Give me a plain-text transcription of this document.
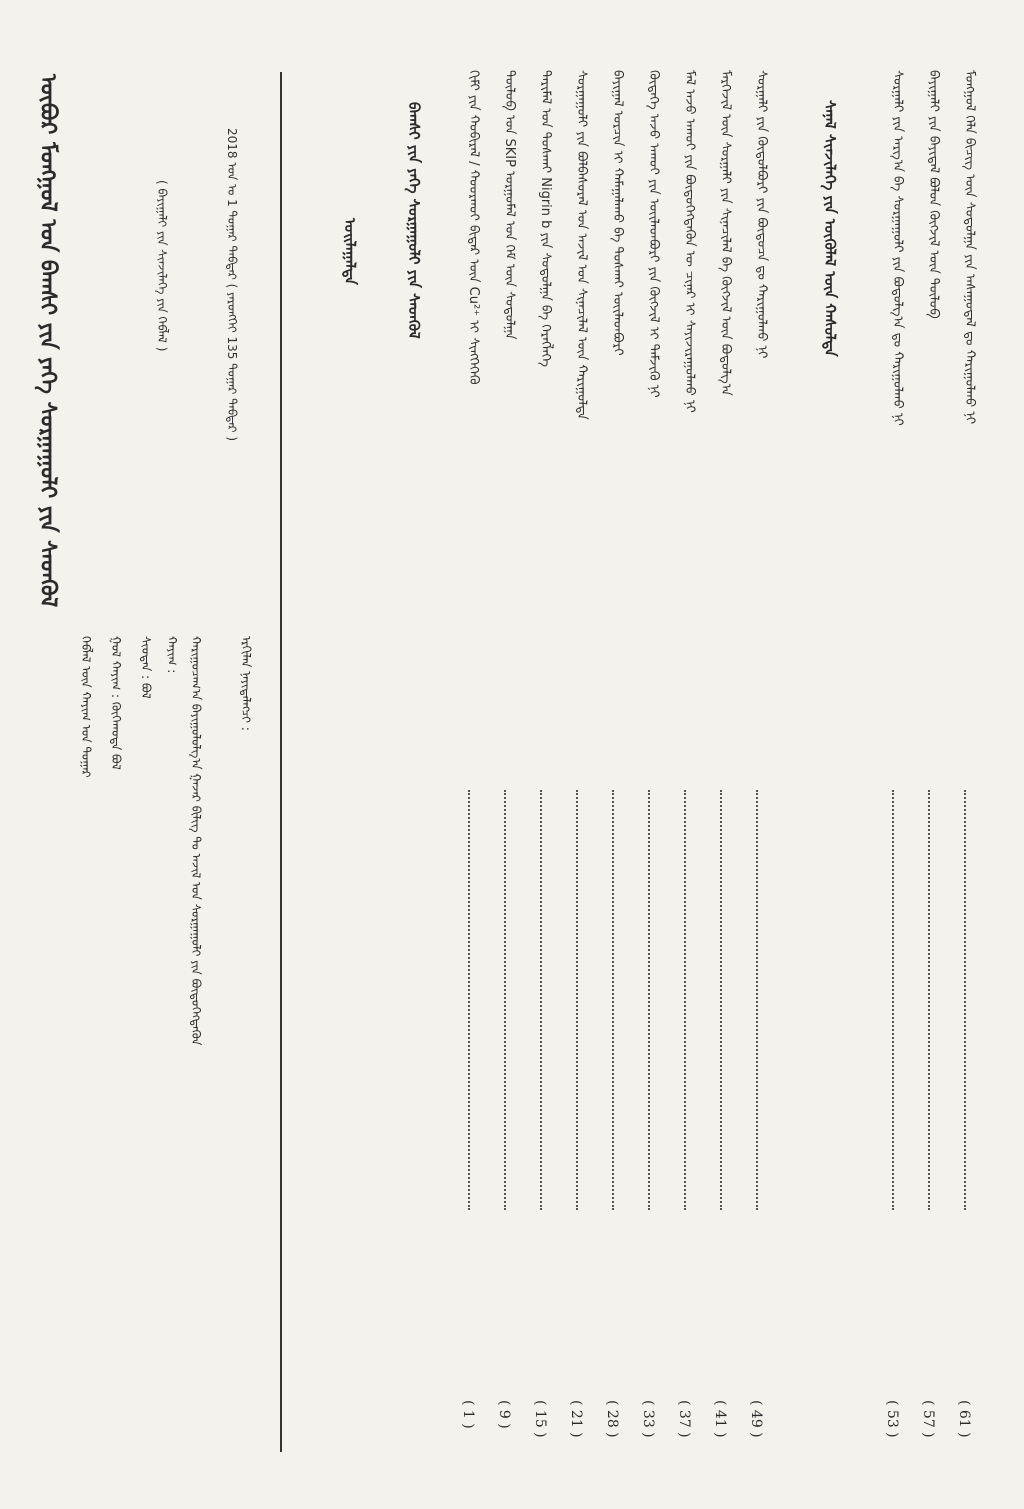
ᠰᠠᠨᠠᠯ ᠰᠢᠨᠵᠢᠯᠡᠭᠡ ᠶᠢᠨ ᠥᠭᠦᠯᠡᠯ ᠦᠨ ᠬᠠᠰᠤᠯᠲᠠ	ᠮᠣᠩᠭᠣᠯ ᠬᠡᠯᠡ ᠪᠢᠴᠢᠭ ᠦᠨ ᠰᠤᠳᠤᠯᠭᠠ ᠶᠢᠨ ᠠᠰᠠᠭᠤᠳᠠᠯ ᠳᠤ ᠬᠠᠷᠢᠭᠤᠯᠬᠤ ᠨᠢ
( 61 )
ᠪᠠᠶᠢᠭᠠᠯᠢ ᠶᠢᠨ ᠪᠠᠶᠢᠳᠠᠯ ᠪᠤᠯᠤᠨ ᠬᠥᠭᠵᠢᠯ ᠦᠨ ᠲᠥᠯᠥᠪ
( 57 )
ᠰᠤᠷᠭᠠᠯᠢ ᠶᠢᠨ ᠠᠷᠭ᠎ᠠ ᠪᠠ ᠰᠤᠷᠭᠠᠭᠤᠯᠢ ᠶᠢᠨ ᠪᠤᠳᠤᠯᠭ᠎ᠠ ᠳᠤ ᠬᠠᠷᠢᠭᠤᠯᠬᠤ ᠨᠢ
( 53 )
ᠰᠤᠷᠭᠠᠯᠢ ᠶᠢᠨ ᠬᠥᠲᠥᠯᠪᠦᠷᠢ ᠶᠢᠨ ᠪᠦᠲᠦᠴᠡ ᠳᠤ ᠬᠠᠷᠢᠭᠤᠯᠬᠤ ᠨᠢ
( 49 )
ᠮᠡᠷᠭᠡᠵᠢᠯ ᠦᠨ ᠰᠤᠷᠭᠠᠯᠢ ᠶᠢᠨ ᠰᠢᠨᠡᠴᠢᠯᠡᠯ ᠪᠠ ᠬᠥᠭᠵᠢᠯ ᠦᠨ ᠪᠣᠳᠤᠯᠭ᠎ᠠ
( 41 )
ᠮᠠᠯ ᠠᠵᠤ ᠠᠬᠤᠢ ᠶᠢᠨ ᠪᠦᠲᠦᠭᠡᠭᠳᠡᠬᠦᠨ ᠦ ᠴᠢᠨᠠᠷ ᠢ ᠰᠠᠶᠢᠵᠢᠷᠠᠭᠤᠯᠬᠤ ᠨᠢ
( 37 )
ᠬᠥᠳᠡᠭᠡ ᠠᠵᠤ ᠠᠬᠤᠢ ᠶᠢᠨ ᠦᠢᠯᠡᠳᠪᠦᠷᠢ ᠶᠢᠨ ᠬᠥᠭᠵᠢᠯ ᠢ ᠳᠡᠮᠵᠢᠬᠦ ᠨᠢ
( 33 )
ᠪᠠᠶᠢᠭᠠᠯ ᠤᠷᠴᠢᠨ ᠢ ᠬᠠᠮᠠᠭᠠᠯᠠᠬᠤ ᠪᠠ ᠲᠤᠰᠬᠠᠶ ᠦᠢᠯᠡᠳᠪᠦᠷᠢ
( 28 )
ᠰᠤᠷᠭᠠᠭᠤᠯᠢ ᠶᠢᠨ ᠪᠣᠯᠪᠠᠰᠤᠷᠠᠯ ᠤᠨ ᠠᠵᠢᠯ ᠤᠨ ᠰᠢᠨᠡᠴᠢᠯᠡᠯ ᠦᠨ ᠬᠠᠷᠢᠭᠤᠯᠲᠠ
( 21 )
ᠲᠠᠷᠢᠮᠠᠯ ᠤᠨ ᠲᠤᠰᠬᠠᠶ Nigrin b ᠶᠢᠨ ᠰᠤᠳᠤᠯᠭᠠ ᠪᠠ ᠬᠡᠷᠡᠭᠯᠡᠭᠡ
( 15 )
ᠲᠥᠯᠥᠪ ᠤᠨ SKIP ᠤᠷᠭᠤᠮᠠᠯ ᠤᠨ ᠬᠡᠮ ᠦᠨ ᠰᠤᠳᠤᠯᠭᠠ
( 9 )
ᠬᠢᠮᠢ ᠶᠢᠨ ᠬᠤᠪᠢᠷᠠᠯ / ᠬᠣᠣᠷᠬᠣᠶ ᠪᠢᠳᠡᠷ ᠦᠨ Cu²⁺ ᠢ ᠰᠢᠩᠭᠡᠭᠡᠬᠦ
( 1 )
ᠣᠢᠯᠠᠭᠠᠯᠲᠠ	ᠪᠠᠭᠰᠢ ᠶᠢᠨ ᠶᠡᠬᠡ ᠰᠤᠷᠭᠠᠭᠤᠯᠢ ᠶᠢᠨ ᠰᠡᠳᠬᠦᠯ
2018 ᠣᠨ ᠤ 1 ᠳᠤᠭᠠᠷ ᠳᠡᠪᠲᠡᠷ ( ᠶᠡᠷᠦᠩᠬᠡᠢ 135 ᠳᠤᠭᠠᠷ ᠳᠡᠪᠲᠡᠷ )
( ᠪᠠᠶᠢᠭᠠᠯᠢ ᠶᠢᠨ ᠰᠢᠨᠵᠢᠯᠡᠭᠡ ᠶᠢᠨ ᠬᠡᠪᠯᠡᠯ )
ᠥᠪᠦᠷ ᠮᠣᠩᠭᠣᠯ ᠤᠨ ᠪᠠᠭᠰᠢ ᠶᠢᠨ ᠶᠡᠬᠡ ᠰᠤᠷᠭᠠᠭᠤᠯᠢ ᠶᠢᠨ ᠰᠡᠳᠬᠦᠯ
ᠡᠷᠬᠢᠯᠡᠨ ᠨᠡᠶᠢᠲᠡᠯᠡᠭᠴᠢ :
ᠬᠠᠷᠢᠭᠤᠴᠠᠭ᠎ᠠ ᠪᠠᠶᠢᠭᠤᠯᠤᠯᠭ᠎ᠠ ᠭᠠᠵᠠᠷ ᠪᠢᠯᠢᠭ ᠲᠤ ᠠᠵᠢᠯ ᠤᠨ ᠰᠤᠷᠭᠠᠭᠤᠯᠢ ᠶᠢᠨ ᠪᠦᠲᠦᠭᠡᠭᠳᠡᠬᠦᠨ
ᠬᠠᠶᠢᠭ :
ᠰᠢᠤᠳᠠᠨ : ᠪᠤᠯ
ᠭᠤᠯ ᠬᠠᠶᠢᠭ : ᠬᠥᠬᠡᠬᠣᠲᠠ ᠪᠤᠯ
ᠬᠡᠪᠯᠡᠯ ᠦᠨ ᠬᠠᠶᠢᠭ ᠤᠨ ᠳᠤᠭᠠᠷ
